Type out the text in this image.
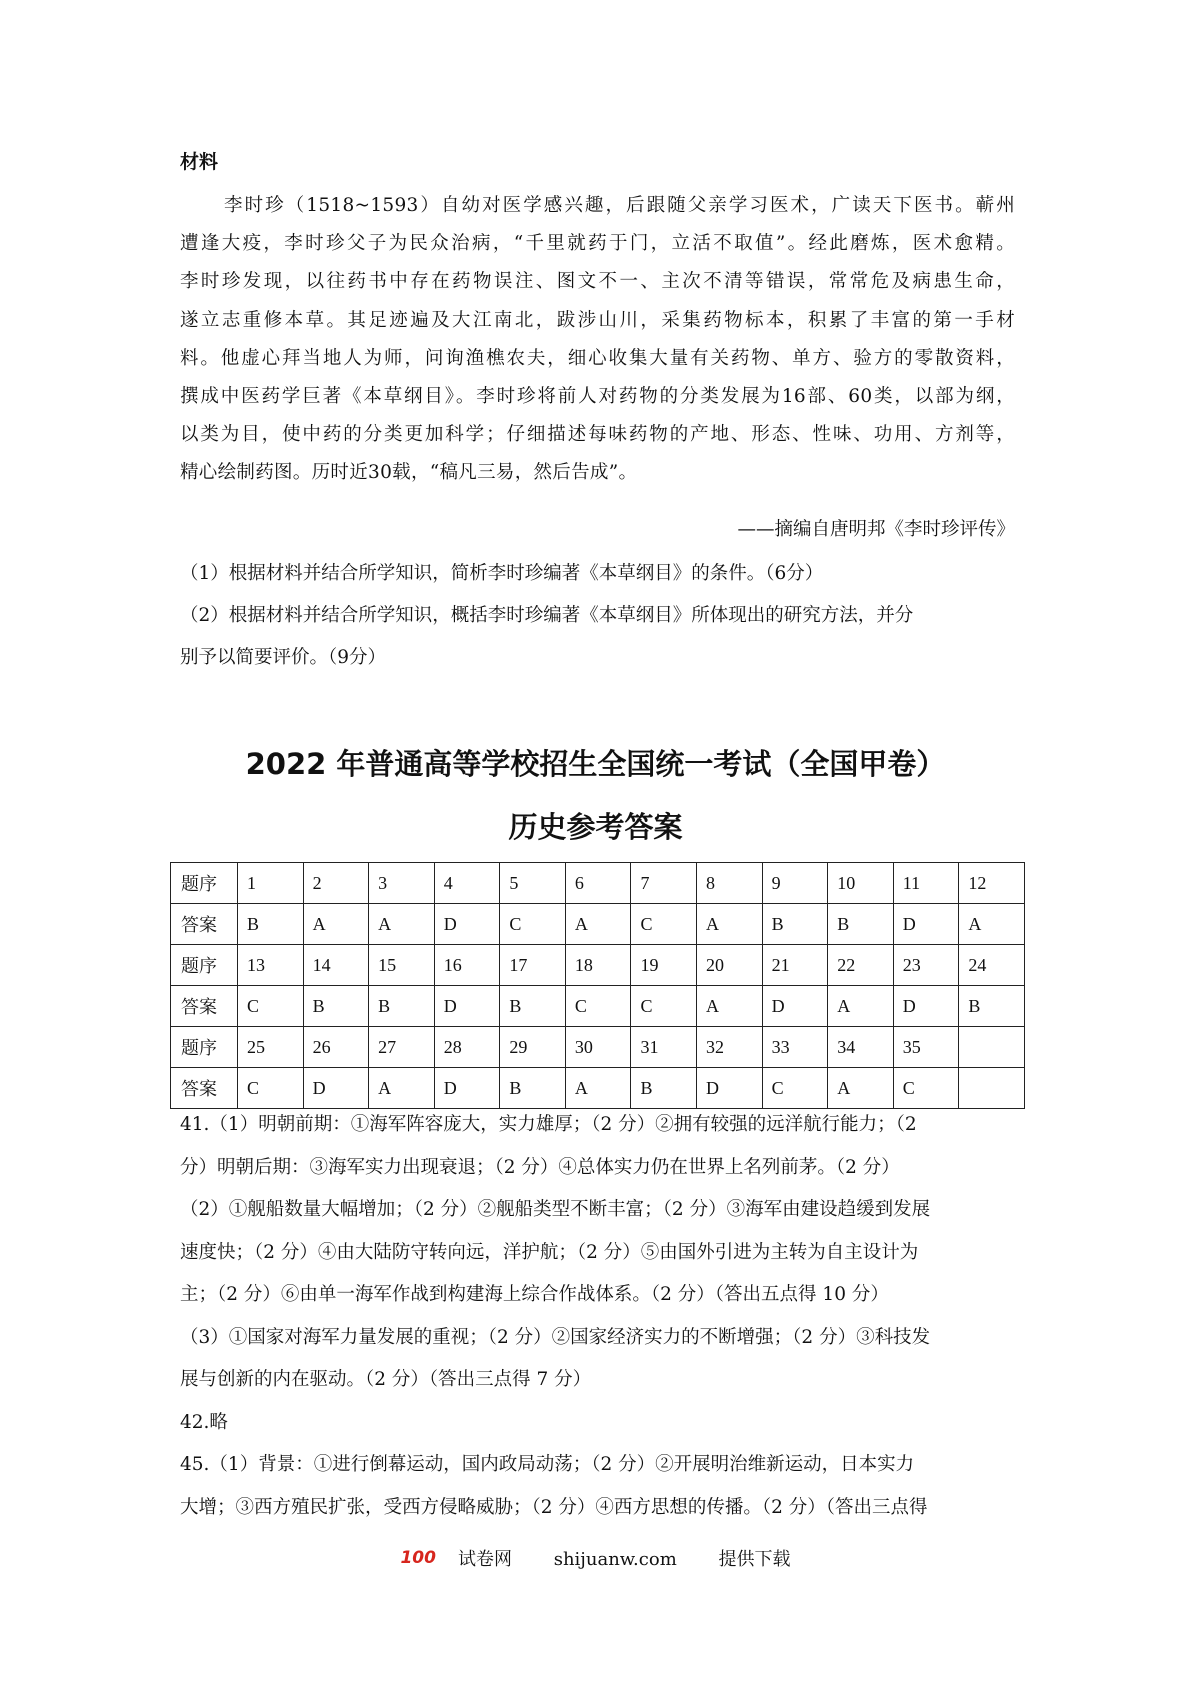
材料
李时珍（1518~1593）自幼对医学感兴趣，后跟随父亲学习医术，广读天下医书。蕲州
遭逢大疫，李时珍父子为民众治病，“千里就药于门，立活不取值”。经此磨炼，医术愈精。
李时珍发现，以往药书中存在药物误注、图文不一、主次不清等错误，常常危及病患生命，
遂立志重修本草。其足迹遍及大江南北，跋涉山川，采集药物标本，积累了丰富的第一手材
料。他虚心拜当地人为师，问询渔樵农夫，细心收集大量有关药物、单方、验方的零散资料，
撰成中医药学巨著《本草纲目》。李时珍将前人对药物的分类发展为16部、60类，以部为纲，
以类为目，使中药的分类更加科学；仔细描述每味药物的产地、形态、性味、功用、方剂等，
精心绘制药图。历时近30载，“稿凡三易，然后告成”。
——摘编自唐明邦《李时珍评传》
（1）根据材料并结合所学知识，简析李时珍编著《本草纲目》的条件。（6分）
（2）根据材料并结合所学知识，概括李时珍编著《本草纲目》所体现出的研究方法，并分
别予以简要评价。（9分）
2022 年普通高等学校招生全国统一考试（全国甲卷）
历史参考答案
题序	1	2	3	4	5	6	7	8	9	10	11	12
答案	B	A	A	D	C	A	C	A	B	B	D	A
题序	13	14	15	16	17	18	19	20	21	22	23	24
答案	C	B	B	D	B	C	C	A	D	A	D	B
题序	25	26	27	28	29	30	31	32	33	34	35	
答案	C	D	A	D	B	A	B	D	C	A	C	
41.（1）明朝前期：①海军阵容庞大，实力雄厚；（2 分）②拥有较强的远洋航行能力；（2
分）明朝后期：③海军实力出现衰退；（2 分）④总体实力仍在世界上名列前茅。（2 分）
（2）①舰船数量大幅增加；（2 分）②舰船类型不断丰富；（2 分）③海军由建设趋缓到发展
速度快；（2 分）④由大陆防守转向远，洋护航；（2 分）⑤由国外引进为主转为自主设计为
主；（2 分）⑥由单一海军作战到构建海上综合作战体系。（2 分）（答出五点得 10 分）
（3）①国家对海军力量发展的重视；（2 分）②国家经济实力的不断增强；（2 分）③科技发
展与创新的内在驱动。（2 分）（答出三点得 7 分）
42.略
45.（1）背景：①进行倒幕运动，国内政局动荡；（2 分）②开展明治维新运动，日本实力
大增；③西方殖民扩张，受西方侵略威胁；（2 分）④西方思想的传播。（2 分）（答出三点得
100 试卷网 shijuanw.com 提供下载
